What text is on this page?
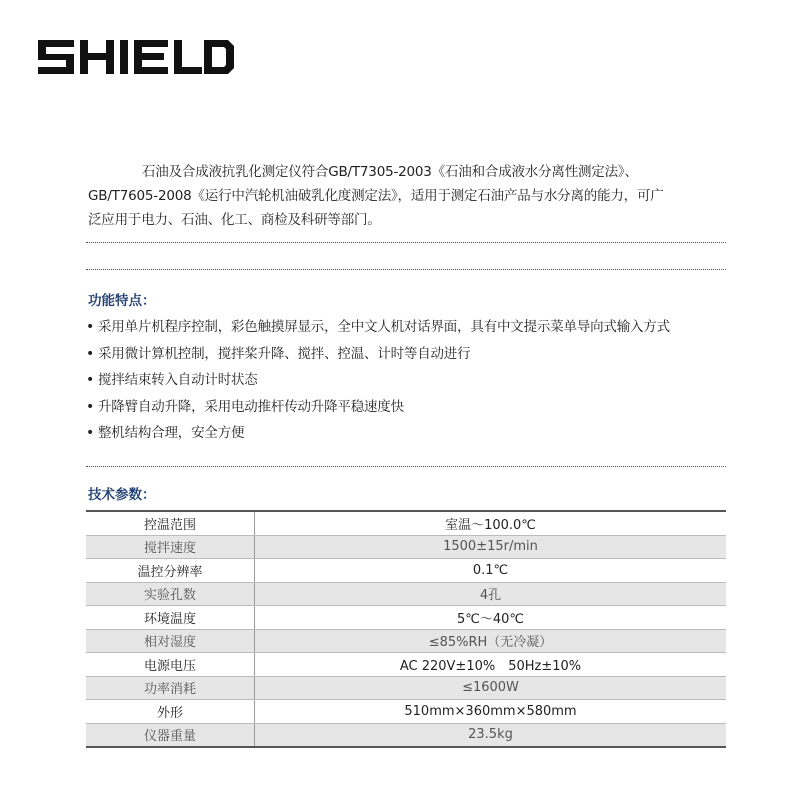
石油及合成液抗乳化测定仪符合GB/T7305-2003《石油和合成液水分离性测定法》、
GB/T7605-2008《运行中汽轮机油破乳化度测定法》，适用于测定石油产品与水分离的能力，可广
泛应用于电力、石油、化工、商检及科研等部门。
功能特点：
• 采用单片机程序控制，彩色触摸屏显示，全中文人机对话界面，具有中文提示菜单导向式输入方式
• 采用微计算机控制，搅拌桨升降、搅拌、控温、计时等自动进行
• 搅拌结束转入自动计时状态
• 升降臂自动升降，采用电动推杆传动升降平稳速度快
• 整机结构合理，安全方便
技术参数：
控温范围	室温～100.0℃
搅拌速度	1500±15r/min
温控分辨率	0.1℃
实验孔数	4孔
环境温度	5℃～40℃
相对湿度	≤85%RH（无冷凝）
电源电压	AC 220V±10%　50Hz±10%
功率消耗	≤1600W
外形	510mm×360mm×580mm
仪器重量	23.5kg
